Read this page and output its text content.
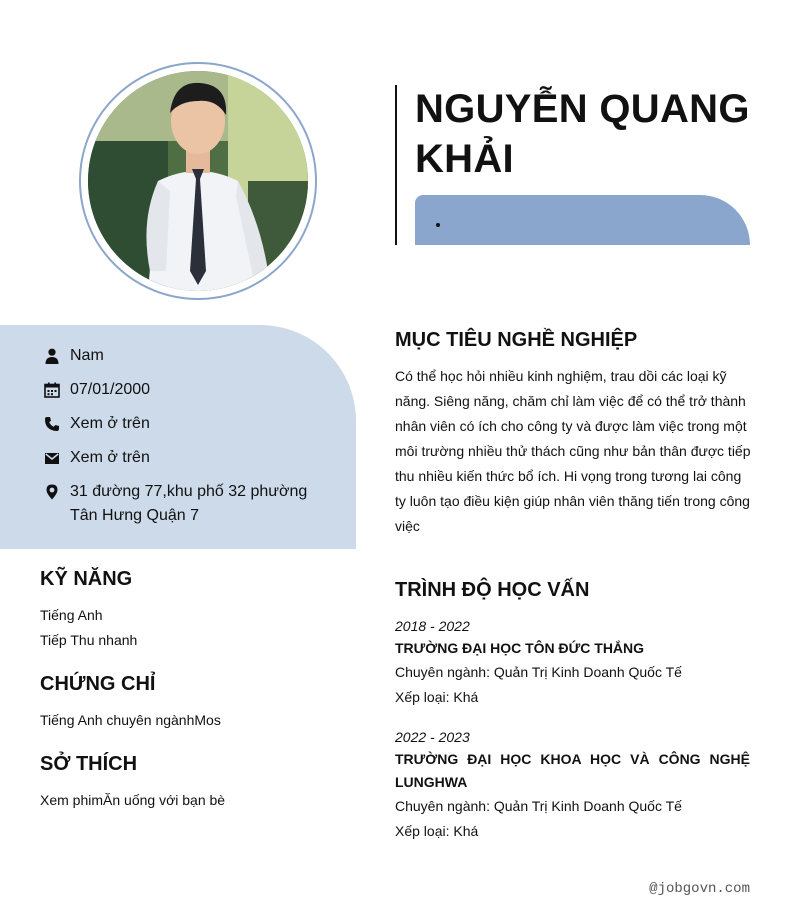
NGUYỄN QUANG KHẢI
Nam
07/01/2000
Xem ở trên
Xem ở trên
31 đường 77,khu phố 32 phường Tân Hưng Quận 7
KỸ NĂNG
Tiếng Anh
Tiếp Thu nhanh
CHỨNG CHỈ
Tiếng Anh chuyên ngànhMos
SỞ THÍCH
Xem phimĂn uống với bạn bè
MỤC TIÊU NGHỀ NGHIỆP
Có thể học hỏi nhiều kinh nghiệm, trau dồi các loại kỹ năng. Siêng năng, chăm chỉ làm việc để có thể trở thành nhân viên có ích cho công ty và được làm việc trong một môi trường nhiều thử thách cũng như bản thân được tiếp thu nhiều kiến thức bổ ích. Hi vọng trong tương lai công ty luôn tạo điều kiện giúp nhân viên thăng tiến trong công việc
TRÌNH ĐỘ HỌC VẤN
2018 - 2022
TRƯỜNG ĐẠI HỌC TÔN ĐỨC THẮNG
Chuyên ngành: Quản Trị Kinh Doanh Quốc Tế
Xếp loại: Khá
2022 - 2023
TRƯỜNG ĐẠI HỌC KHOA HỌC VÀ CÔNG NGHỆ LUNGHWA
Chuyên ngành: Quản Trị Kinh Doanh Quốc Tế
Xếp loại: Khá
@jobgovn.com
